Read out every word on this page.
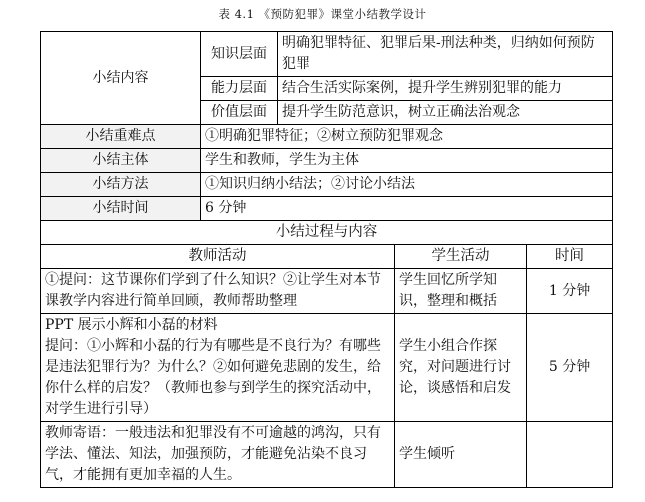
表 4.1 《预防犯罪》课堂小结教学设计
小结内容	知识层面	明确犯罪特征、犯罪后果-刑法种类，归纳如何预防犯罪		
	能力层面	结合生活实际案例，提升学生辨别犯罪的能力		
	价值层面	提升学生防范意识，树立正确法治观念		
小结重难点	①明确犯罪特征；②树立预防犯罪观念			
小结主体	学生和教师，学生为主体			
小结方法	①知识归纳小结法；②讨论小结法			
小结时间	6 分钟			
小结过程与内容				
教师活动			学生活动	时间
①提问：这节课你们学到了什么知识？②让学生对本节课教学内容进行简单回顾，教师帮助整理			学生回忆所学知识，整理和概括	1 分钟

PPT 展示小辉和小磊的材料
提问：①小辉和小磊的行为有哪些是不良行为？有哪些是违法犯罪行为？为什么？②如何避免悲剧的发生，给你什么样的启发？（教师也参与到学生的探究活动中，对学生进行引导）			学生小组合作探究，对问题进行讨论，谈感悟和启发	5 分钟
教师寄语：一般违法和犯罪没有不可逾越的鸿沟，只有学法、懂法、知法，加强预防，才能避免沾染不良习气，才能拥有更加幸福的人生。			学生倾听	
